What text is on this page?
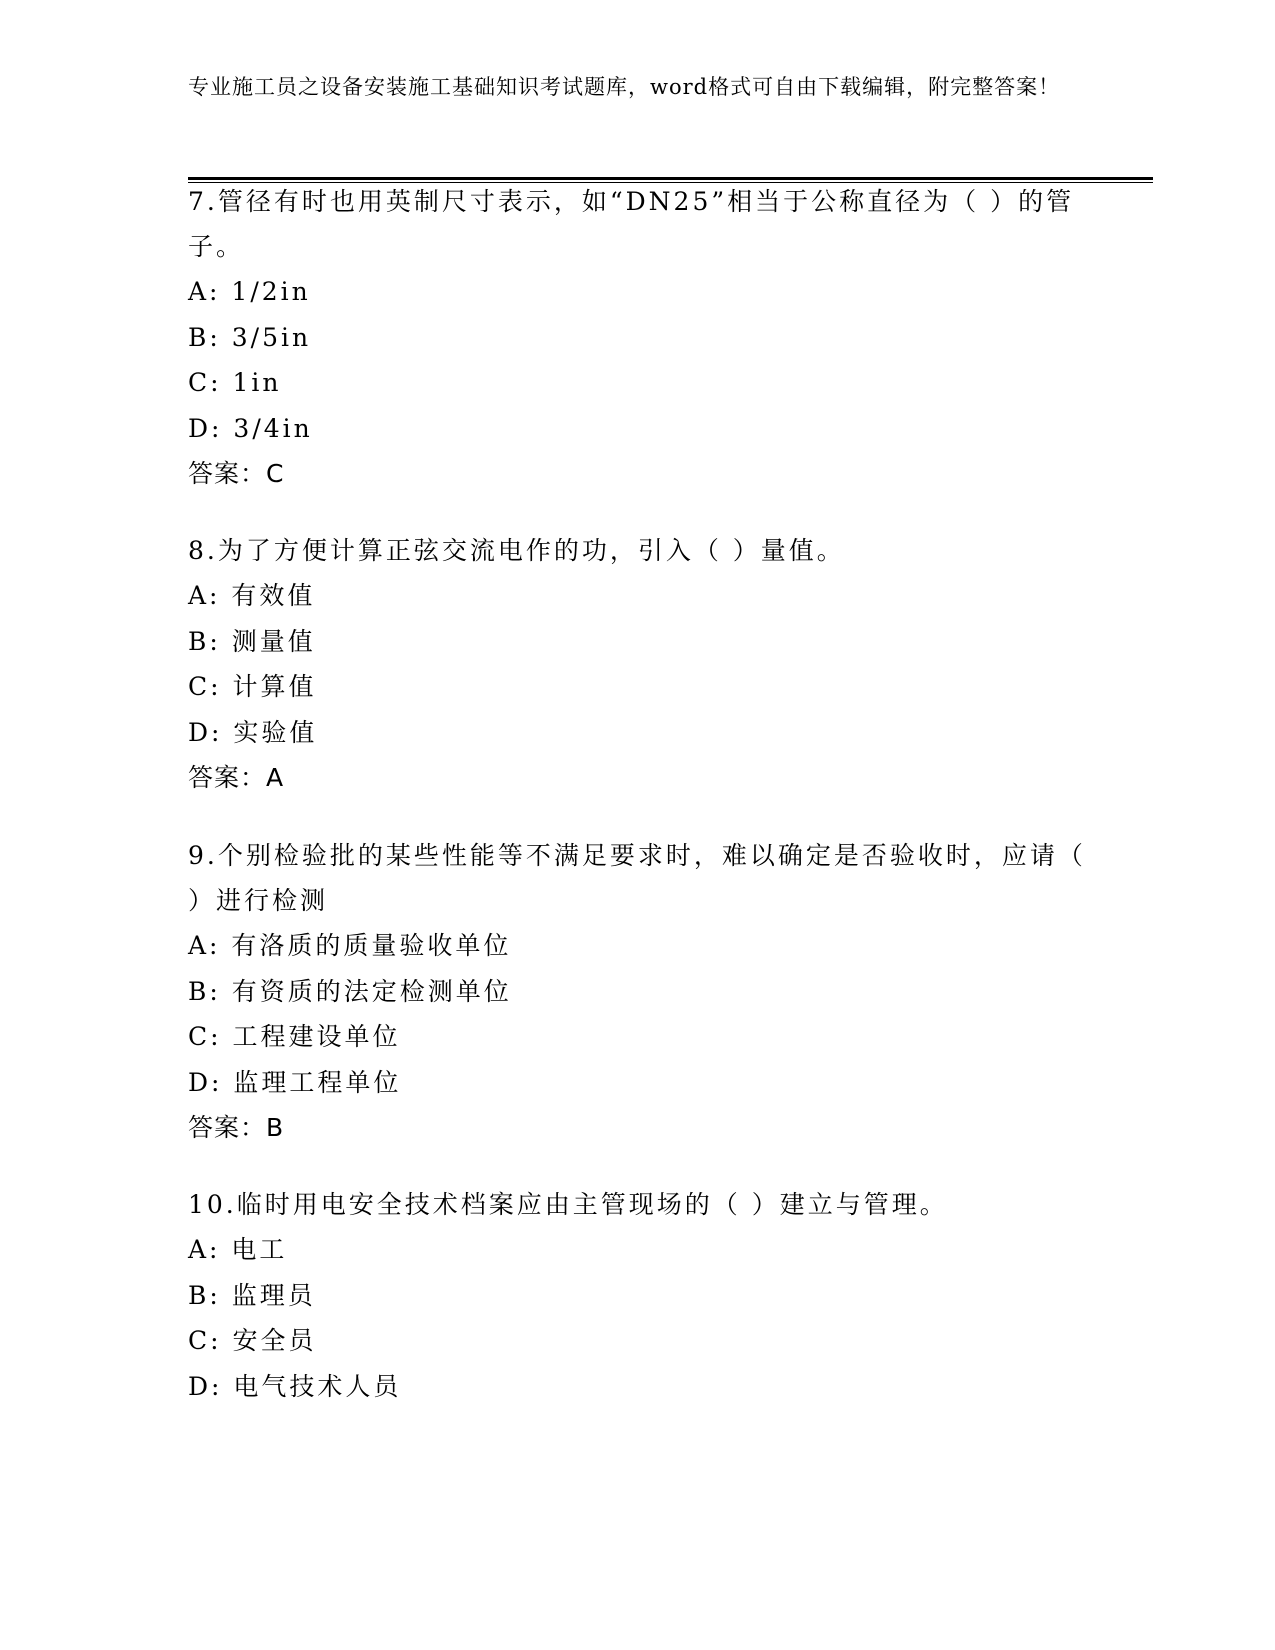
专业施工员之设备安装施工基础知识考试题库，word格式可自由下载编辑，附完整答案！
7.管径有时也用英制尺寸表示，如“DN25”相当于公称直径为（ ）的管子。
A: 1/2in
B: 3/5in
C: 1in
D: 3/4in
答案：C
8.为了方便计算正弦交流电作的功，引入（ ）量值。
A: 有效值
B: 测量值
C: 计算值
D: 实验值
答案：A
9.个别检验批的某些性能等不满足要求时，难以确定是否验收时，应请（ ）进行检测
A: 有洛质的质量验收单位
B: 有资质的法定检测单位
C: 工程建设单位
D: 监理工程单位
答案：B
10.临时用电安全技术档案应由主管现场的（ ）建立与管理。
A: 电工
B: 监理员
C: 安全员
D: 电气技术人员
